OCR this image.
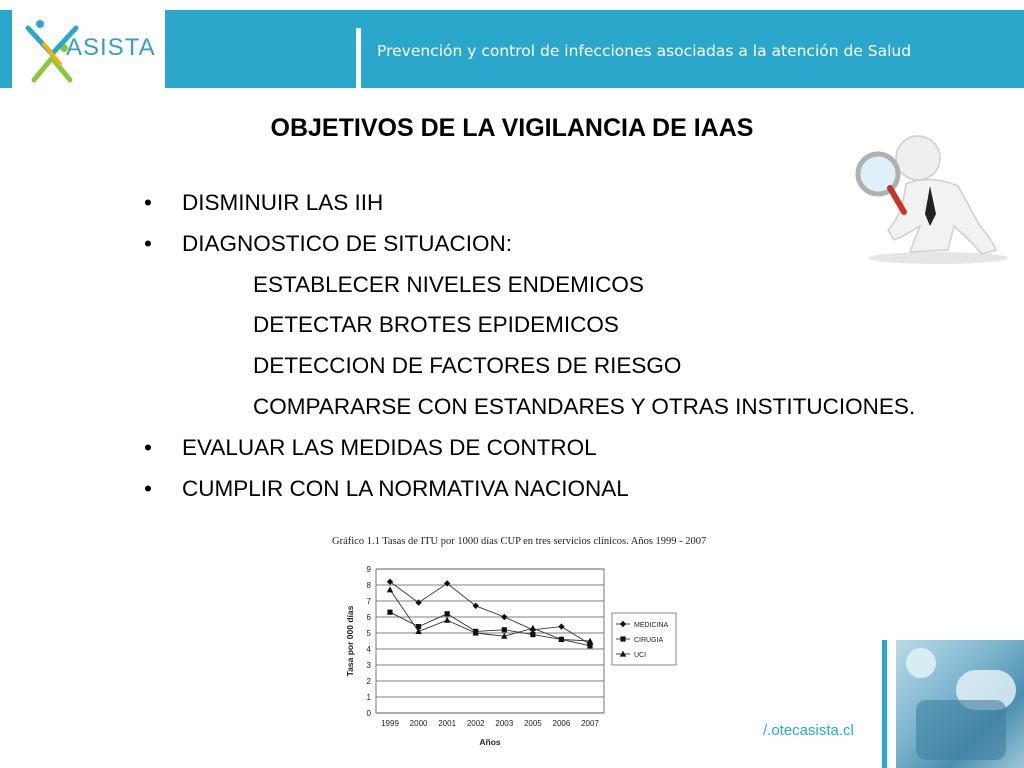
ASISTA	Prevención y control de infecciones asociadas a la atención de Salud
OBJETIVOS DE LA VIGILANCIA DE IAAS
• DISMINUIR LAS IIH
• DIAGNOSTICO DE SITUACION:
ESTABLECER NIVELES ENDEMICOS
DETECTAR BROTES EPIDEMICOS
DETECCION DE FACTORES DE RIESGO
COMPARARSE CON ESTANDARES Y OTRAS INSTITUCIONES.
• EVALUAR LAS MEDIDAS DE CONTROL
• CUMPLIR CON LA NORMATIVA NACIONAL
Gráfico 1.1 Tasas de ITU por 1000 días CUP en tres servicios clínicos. Años 1999 - 2007
0
1
2
3
4
5
6
7
8
9
1999 2000 2001 2002 2003 2005 2006 2007
Años
Tasa por 000 días	MEDICINA
CIRUGIA
UCI
/.otecasista.cl
